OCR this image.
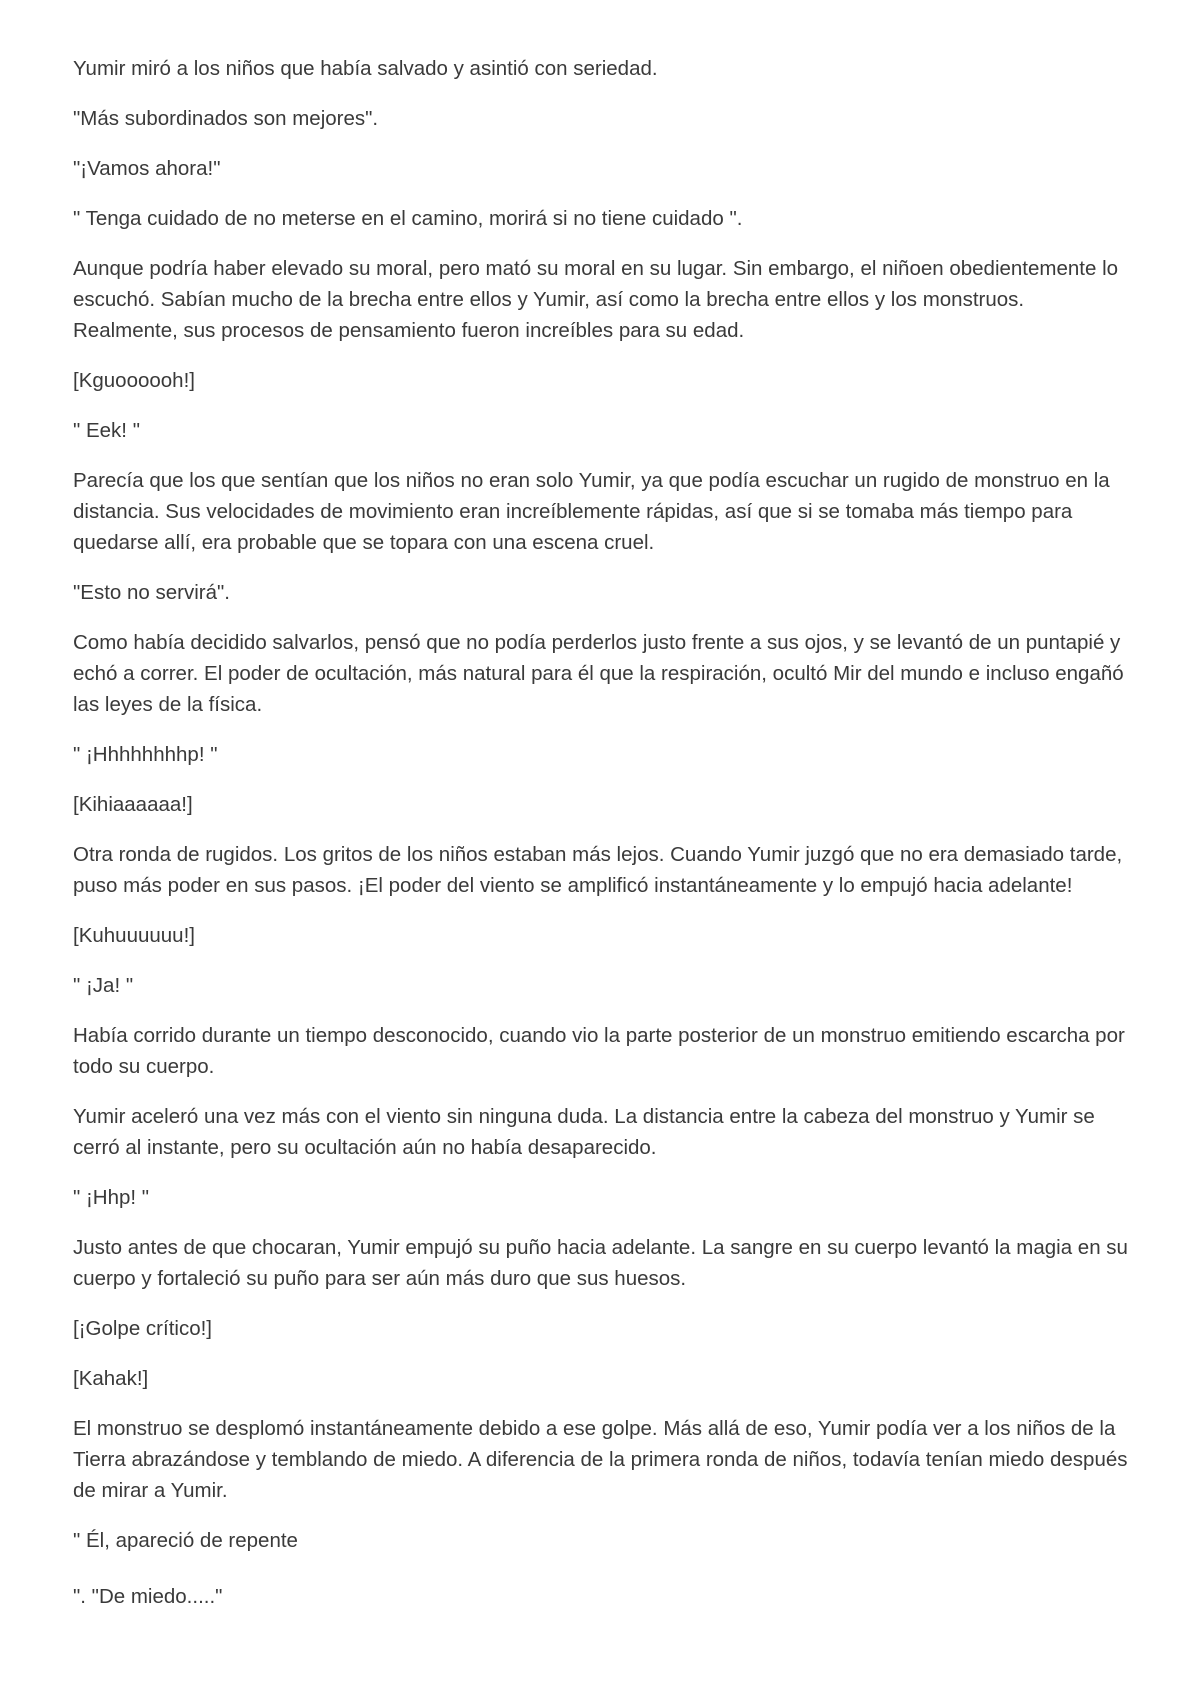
Yumir miró a los niños que había salvado y asintió con seriedad.

"Más subordinados son mejores".

"¡Vamos ahora!"

" Tenga cuidado de no meterse en el camino, morirá si no tiene cuidado ".

Aunque podría haber elevado su moral, pero mató su moral en su lugar. Sin embargo, el niñoen obedientemente lo escuchó. Sabían mucho de la brecha entre ellos y Yumir, así como la brecha entre ellos y los monstruos. Realmente, sus procesos de pensamiento fueron increíbles para su edad.

[Kguoooooh!]

" Eek! "

Parecía que los que sentían que los niños no eran solo Yumir, ya que podía escuchar un rugido de monstruo en la distancia. Sus velocidades de movimiento eran increíblemente rápidas, así que si se tomaba más tiempo para quedarse allí, era probable que se topara con una escena cruel.

"Esto no servirá".

Como había decidido salvarlos, pensó que no podía perderlos justo frente a sus ojos, y se levantó de un puntapié y echó a correr. El poder de ocultación, más natural para él que la respiración, ocultó Mir del mundo e incluso engañó las leyes de la física.

" ¡Hhhhhhhhp! "

[Kihiaaaaaa!]

Otra ronda de rugidos. Los gritos de los niños estaban más lejos. Cuando Yumir juzgó que no era demasiado tarde, puso más poder en sus pasos. ¡El poder del viento se amplificó instantáneamente y lo empujó hacia adelante!

[Kuhuuuuuu!]

" ¡Ja! "

Había corrido durante un tiempo desconocido, cuando vio la parte posterior de un monstruo emitiendo escarcha por todo su cuerpo.

Yumir aceleró una vez más con el viento sin ninguna duda. La distancia entre la cabeza del monstruo y Yumir se cerró al instante, pero su ocultación aún no había desaparecido.

" ¡Hhp! "

Justo antes de que chocaran, Yumir empujó su puño hacia adelante. La sangre en su cuerpo levantó la magia en su cuerpo y fortaleció su puño para ser aún más duro que sus huesos.

[¡Golpe crítico!]

[Kahak!]

El monstruo se desplomó instantáneamente debido a ese golpe. Más allá de eso, Yumir podía ver a los niños de la Tierra abrazándose y temblando de miedo. A diferencia de la primera ronda de niños, todavía tenían miedo después de mirar a Yumir.

" Él, apareció de repente

". "De miedo....."
